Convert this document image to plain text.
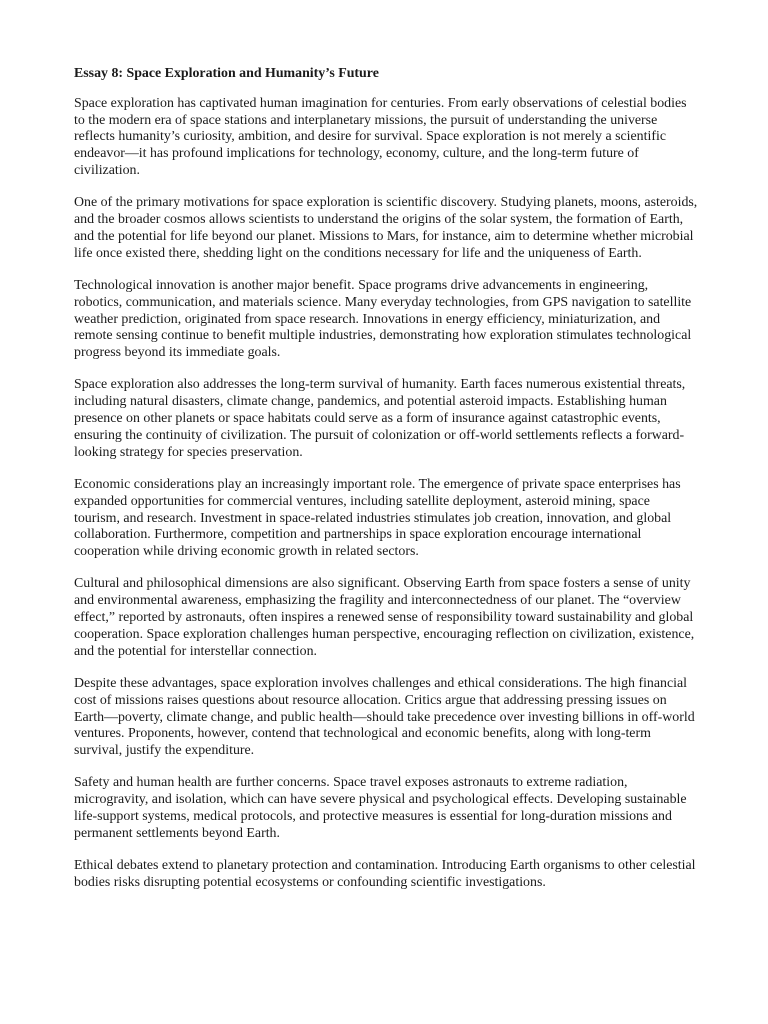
Essay 8: Space Exploration and Humanity’s Future

Space exploration has captivated human imagination for centuries. From early observations of celestial bodies to the modern era of space stations and interplanetary missions, the pursuit of understanding the universe reflects humanity’s curiosity, ambition, and desire for survival. Space exploration is not merely a scientific endeavor—it has profound implications for technology, economy, culture, and the long-term future of civilization.

One of the primary motivations for space exploration is scientific discovery. Studying planets, moons, asteroids, and the broader cosmos allows scientists to understand the origins of the solar system, the formation of Earth, and the potential for life beyond our planet. Missions to Mars, for instance, aim to determine whether microbial life once existed there, shedding light on the conditions necessary for life and the uniqueness of Earth.

Technological innovation is another major benefit. Space programs drive advancements in engineering, robotics, communication, and materials science. Many everyday technologies, from GPS navigation to satellite weather prediction, originated from space research. Innovations in energy efficiency, miniaturization, and remote sensing continue to benefit multiple industries, demonstrating how exploration stimulates technological progress beyond its immediate goals.

Space exploration also addresses the long-term survival of humanity. Earth faces numerous existential threats, including natural disasters, climate change, pandemics, and potential asteroid impacts. Establishing human presence on other planets or space habitats could serve as a form of insurance against catastrophic events, ensuring the continuity of civilization. The pursuit of colonization or off-world settlements reflects a forward-looking strategy for species preservation.

Economic considerations play an increasingly important role. The emergence of private space enterprises has expanded opportunities for commercial ventures, including satellite deployment, asteroid mining, space tourism, and research. Investment in space-related industries stimulates job creation, innovation, and global collaboration. Furthermore, competition and partnerships in space exploration encourage international cooperation while driving economic growth in related sectors.

Cultural and philosophical dimensions are also significant. Observing Earth from space fosters a sense of unity and environmental awareness, emphasizing the fragility and interconnectedness of our planet. The “overview effect,” reported by astronauts, often inspires a renewed sense of responsibility toward sustainability and global cooperation. Space exploration challenges human perspective, encouraging reflection on civilization, existence, and the potential for interstellar connection.

Despite these advantages, space exploration involves challenges and ethical considerations. The high financial cost of missions raises questions about resource allocation. Critics argue that addressing pressing issues on Earth—poverty, climate change, and public health—should take precedence over investing billions in off-world ventures. Proponents, however, contend that technological and economic benefits, along with long-term survival, justify the expenditure.

Safety and human health are further concerns. Space travel exposes astronauts to extreme radiation, microgravity, and isolation, which can have severe physical and psychological effects. Developing sustainable life-support systems, medical protocols, and protective measures is essential for long-duration missions and permanent settlements beyond Earth.

Ethical debates extend to planetary protection and contamination. Introducing Earth organisms to other celestial bodies risks disrupting potential ecosystems or confounding scientific investigations.
